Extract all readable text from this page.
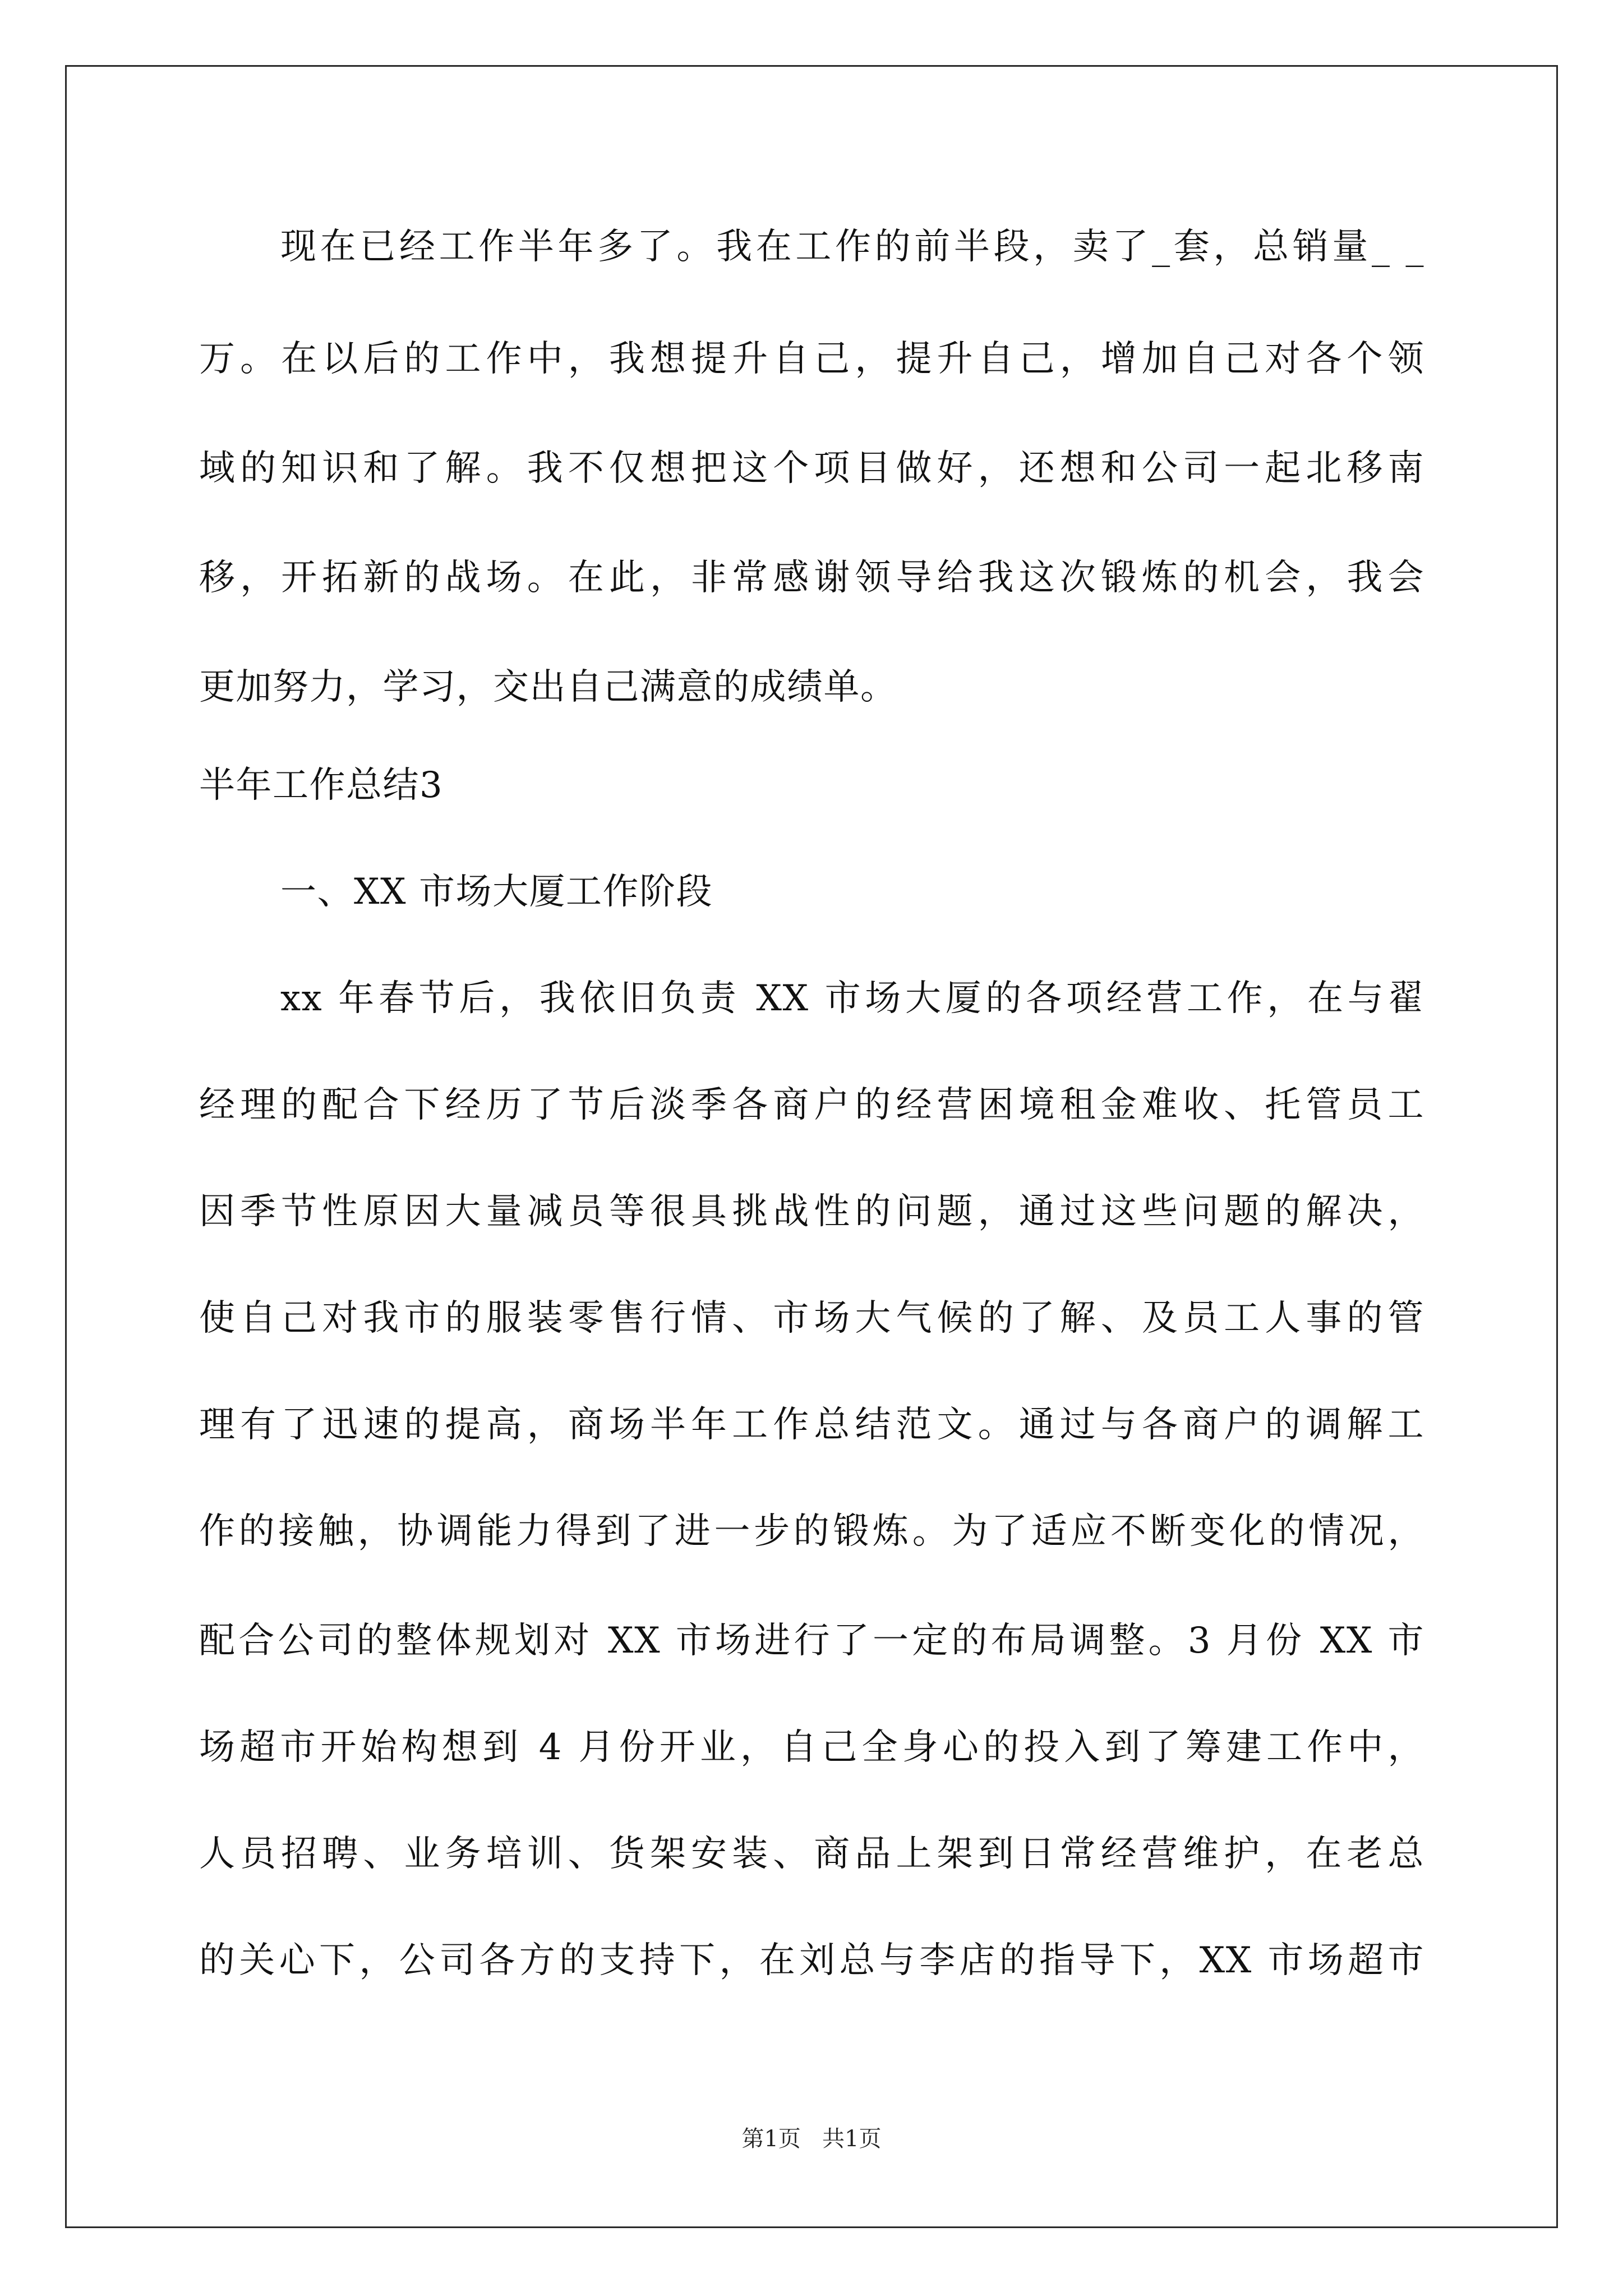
现在已经工作半年多了。我在工作的前半段，卖了_套，总销量_ _
万。在以后的工作中，我想提升自己，提升自己，增加自己对各个领
域的知识和了解。我不仅想把这个项目做好，还想和公司一起北移南
移，开拓新的战场。在此，非常感谢领导给我这次锻炼的机会，我会
更加努力，学习，交出自己满意的成绩单。
半年工作总结3
一、XX 市场大厦工作阶段
xx 年春节后，我依旧负责 XX 市场大厦的各项经营工作，在与翟
经理的配合下经历了节后淡季各商户的经营困境租金难收、托管员工
因季节性原因大量减员等很具挑战性的问题，通过这些问题的解决，
使自己对我市的服装零售行情、市场大气候的了解、及员工人事的管
理有了迅速的提高，商场半年工作总结范文。通过与各商户的调解工
作的接触，协调能力得到了进一步的锻炼。为了适应不断变化的情况，
配合公司的整体规划对 XX 市场进行了一定的布局调整。3 月份 XX 市
场超市开始构想到 4 月份开业，自己全身心的投入到了筹建工作中，
人员招聘、业务培训、货架安装、商品上架到日常经营维护，在老总
的关心下，公司各方的支持下，在刘总与李店的指导下，XX 市场超市
第1页   共1页
